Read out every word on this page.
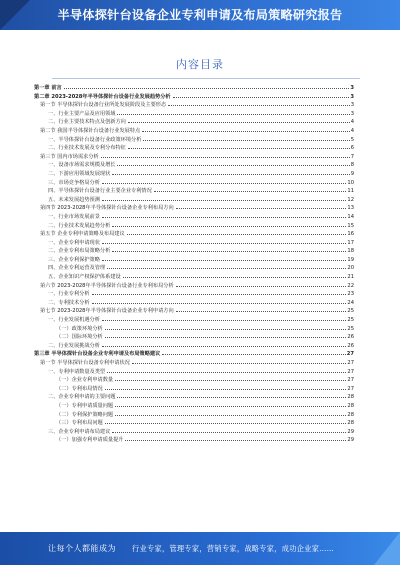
半导体探针台设备企业专利申请及布局策略研究报告
内容目录
第一章 前言	3
第二章 2023-2028年半导体探针台设备行业发展趋势分析	3
第一节 半导体探针台设备行业所处发展阶段及主要形态	3
一、行业主要产品及应用领域	3
二、行业主要技术特点及创新方向	4
第二节 我国半导体探针台设备行业发展特点	4
一、半导体探针台设备行业政策环境分析	5
二、行业技术发展及专利分布特征	6
第三节 国内市场需求分析	7
一、设备市场需求规模及增长	8
二、下游应用领域发展现状	9
三、市场竞争格局分析	10
四、半导体探针台设备行业主要企业专利情况	11
五、未来发展趋势预测	12
第四节 2023-2028年半导体探针台设备企业专利布局方向	13
一、行业市场发展前景	14
二、行业技术发展趋势分析	15
第五节 企业专利申请策略及布局建议	16
一、企业专利申请现状	17
二、企业专利布局策略分析	18
三、企业专利保护策略	19
四、企业专利运营及管理	20
五、企业知识产权保护体系建设	21
第六节 2023-2028年半导体探针台设备行业专利布局分析	22
一、行业专利分析	23
二、专利技术分析	24
第七节 2023-2028年半导体探针台设备企业专利申请方向	25
一、行业发展机遇分析	25
（一）政策环境分析	25
（二）国际环境分析	26
二、行业发展挑战分析	26
第三章 半导体探针台设备企业专利申请及布局策略建议	27
第一节 半导体探针台设备专利申请状况	27
一、专利申请数量及类型	27
（一）企业专利申请数量	27
（二）专利布局情况	27
二、企业专利申请的主要问题	28
（一）专利申请质量问题	28
（二）专利保护策略问题	28
（三）专利布局问题	28
三、企业专利申请布局建议	29
（一）加强专利申请质量提升	29
让每个人都能成为 行业专家，管理专家，营销专家，战略专家，成功企业家……
